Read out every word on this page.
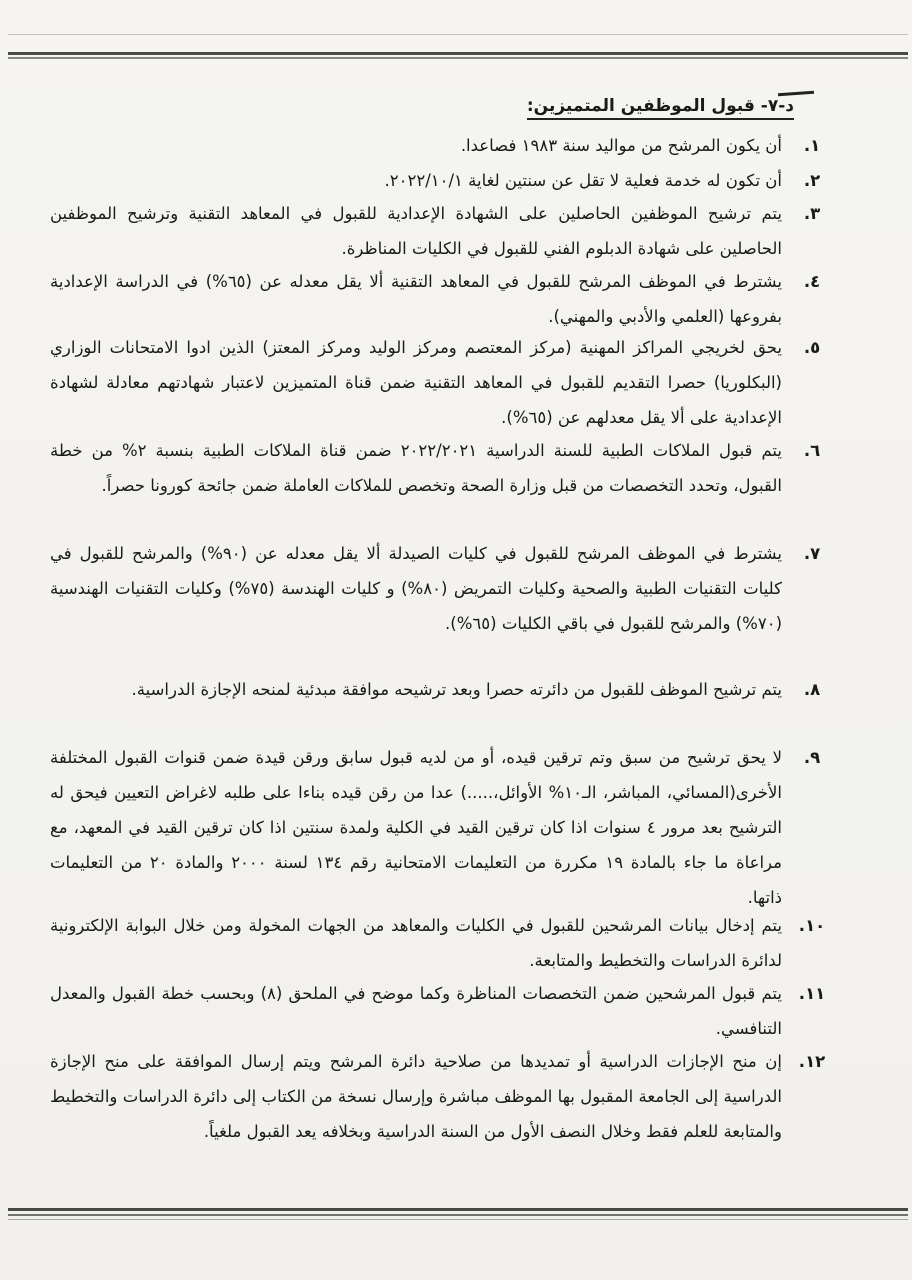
د-٧- قبول الموظفين المتميزين:
١.
أن يكون المرشح من مواليد سنة ١٩٨٣ فصاعدا.
٢.
أن تكون له خدمة فعلية لا تقل عن سنتين لغاية ٢٠٢٢/١٠/١.
٣.
يتم ترشيح الموظفين الحاصلين على الشهادة الإعدادية للقبول في المعاهد التقنية وترشيح الموظفين الحاصلين على شهادة الدبلوم الفني للقبول في الكليات المناظرة.
٤.
يشترط في الموظف المرشح للقبول في المعاهد التقنية ألا يقل معدله عن (٦٥%) في الدراسة الإعدادية بفروعها (العلمي والأدبي والمهني).
٥.
يحق لخريجي المراكز المهنية (مركز المعتصم ومركز الوليد ومركز المعتز) الذين ادوا الامتحانات الوزاري (البكلوريا) حصرا التقديم للقبول في المعاهد التقنية ضمن قناة المتميزين لاعتبار شهادتهم معادلة لشهادة الإعدادية على ألا يقل معدلهم عن (٦٥%).
٦.
يتم قبول الملاكات الطبية للسنة الدراسية ٢٠٢٢/٢٠٢١ ضمن قناة الملاكات الطبية بنسبة ٢% من خطة القبول، وتحدد التخصصات من قبل وزارة الصحة وتخصص للملاكات العاملة ضمن جائحة كورونا حصراً.
٧.
يشترط في الموظف المرشح للقبول في كليات الصيدلة ألا يقل معدله عن (٩٠%) والمرشح للقبول في كليات التقنيات الطبية والصحية وكليات التمريض (٨٠%) و كليات الهندسة (٧٥%) وكليات التقنيات الهندسية (٧٠%) والمرشح للقبول في باقي الكليات (٦٥%).
٨.
يتم ترشيح الموظف للقبول من دائرته حصرا وبعد ترشيحه موافقة مبدئية لمنحه الإجازة الدراسية.
٩.
لا يحق ترشيح من سبق وتم ترقين قيده، أو من لديه قبول سابق ورقن قيدة ضمن قنوات القبول المختلفة الأخرى(المسائي، المباشر، الـ١٠% الأوائل،.....) عدا من رقن قيده بناءا على طلبه لاغراض التعيين فيحق له الترشيح بعد مرور ٤ سنوات اذا كان ترقين القيد في الكلية ولمدة سنتين اذا كان ترقين القيد في المعهد، مع مراعاة ما جاء بالمادة ١٩ مكررة من التعليمات الامتحانية رقم ١٣٤ لسنة ٢٠٠٠ والمادة ٢٠ من التعليمات ذاتها.
١٠.
يتم إدخال بيانات المرشحين للقبول في الكليات والمعاهد من الجهات المخولة ومن خلال البوابة الإلكترونية لدائرة الدراسات والتخطيط والمتابعة.
١١.
يتم قبول المرشحين ضمن التخصصات المناظرة وكما موضح في الملحق (٨) وبحسب خطة القبول والمعدل التنافسي.
١٢.
إن منح الإجازات الدراسية أو تمديدها من صلاحية دائرة المرشح ويتم إرسال الموافقة على منح الإجازة الدراسية إلى الجامعة المقبول بها الموظف مباشرة وإرسال نسخة من الكتاب إلى دائرة الدراسات والتخطيط والمتابعة للعلم فقط وخلال النصف الأول من السنة الدراسية وبخلافه يعد القبول ملغياً.
